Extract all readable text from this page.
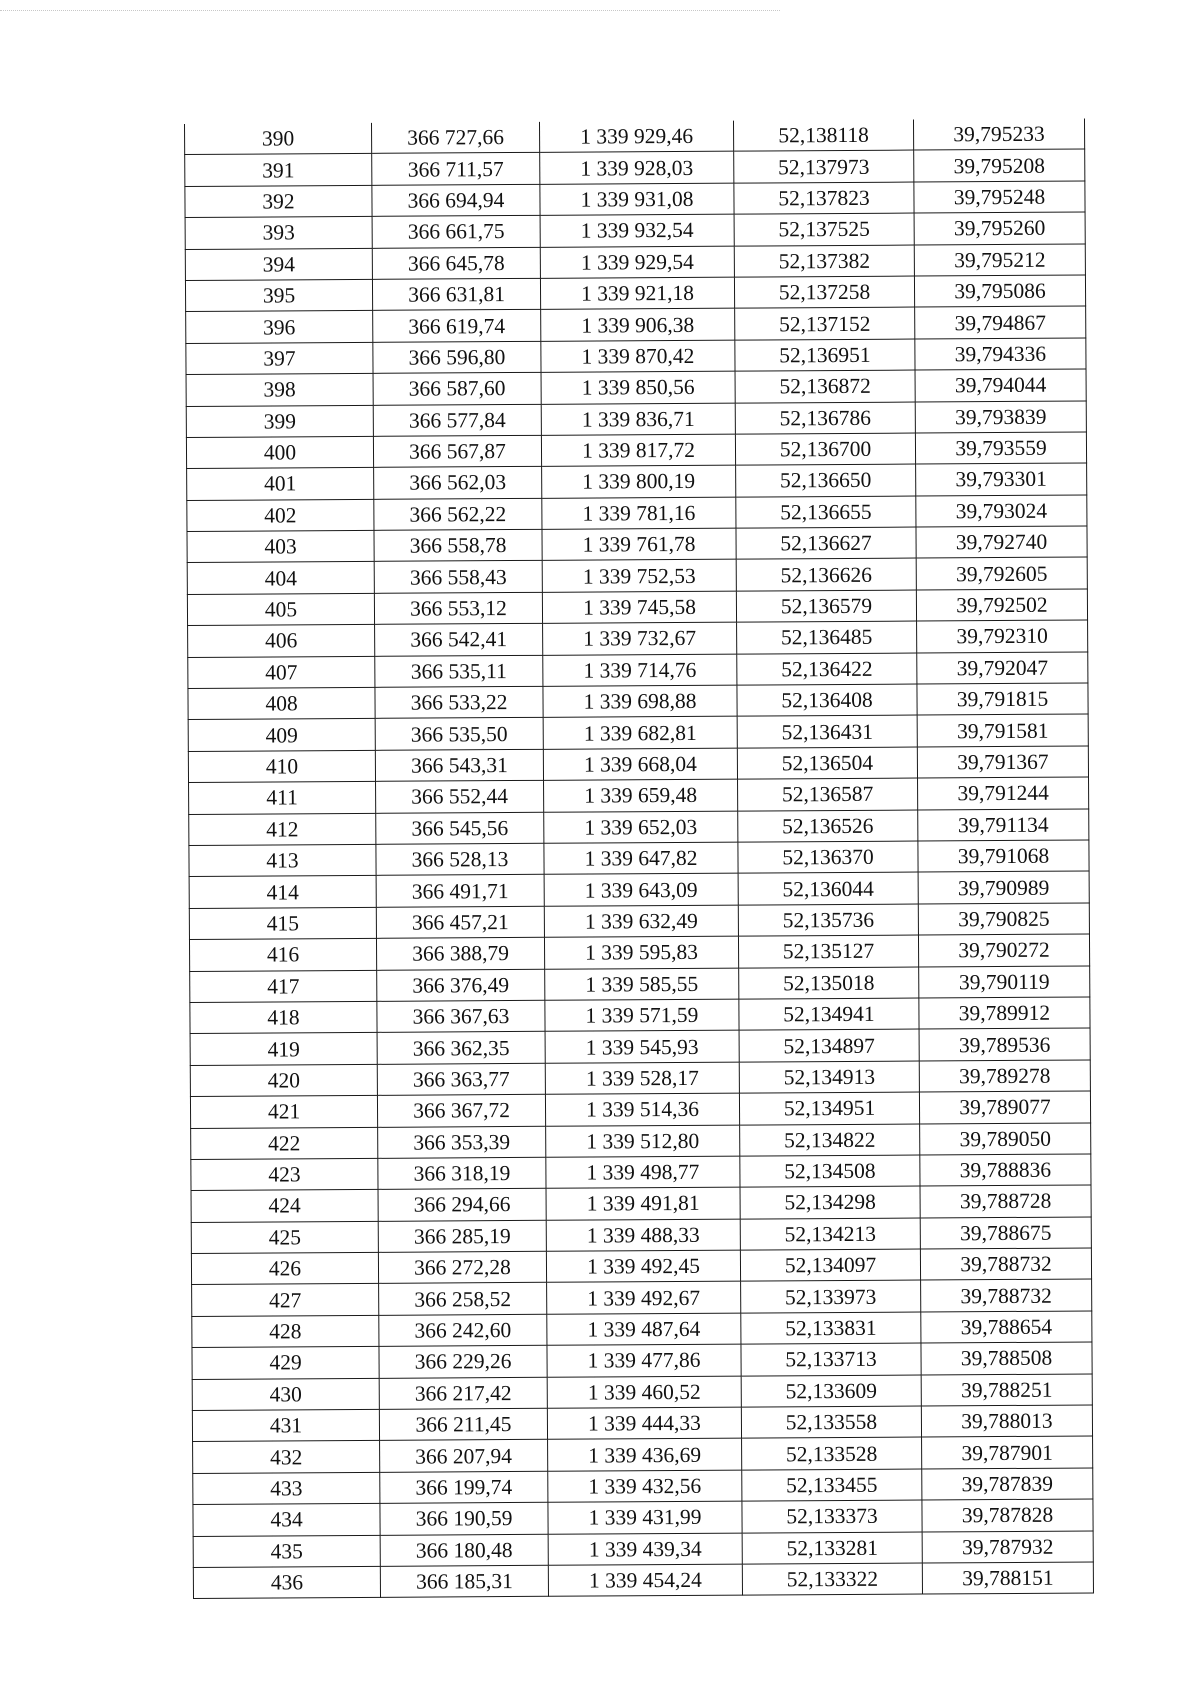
390	366 727,66	1 339 929,46	52,138118	39,795233
391	366 711,57	1 339 928,03	52,137973	39,795208
392	366 694,94	1 339 931,08	52,137823	39,795248
393	366 661,75	1 339 932,54	52,137525	39,795260
394	366 645,78	1 339 929,54	52,137382	39,795212
395	366 631,81	1 339 921,18	52,137258	39,795086
396	366 619,74	1 339 906,38	52,137152	39,794867
397	366 596,80	1 339 870,42	52,136951	39,794336
398	366 587,60	1 339 850,56	52,136872	39,794044
399	366 577,84	1 339 836,71	52,136786	39,793839
400	366 567,87	1 339 817,72	52,136700	39,793559
401	366 562,03	1 339 800,19	52,136650	39,793301
402	366 562,22	1 339 781,16	52,136655	39,793024
403	366 558,78	1 339 761,78	52,136627	39,792740
404	366 558,43	1 339 752,53	52,136626	39,792605
405	366 553,12	1 339 745,58	52,136579	39,792502
406	366 542,41	1 339 732,67	52,136485	39,792310
407	366 535,11	1 339 714,76	52,136422	39,792047
408	366 533,22	1 339 698,88	52,136408	39,791815
409	366 535,50	1 339 682,81	52,136431	39,791581
410	366 543,31	1 339 668,04	52,136504	39,791367
411	366 552,44	1 339 659,48	52,136587	39,791244
412	366 545,56	1 339 652,03	52,136526	39,791134
413	366 528,13	1 339 647,82	52,136370	39,791068
414	366 491,71	1 339 643,09	52,136044	39,790989
415	366 457,21	1 339 632,49	52,135736	39,790825
416	366 388,79	1 339 595,83	52,135127	39,790272
417	366 376,49	1 339 585,55	52,135018	39,790119
418	366 367,63	1 339 571,59	52,134941	39,789912
419	366 362,35	1 339 545,93	52,134897	39,789536
420	366 363,77	1 339 528,17	52,134913	39,789278
421	366 367,72	1 339 514,36	52,134951	39,789077
422	366 353,39	1 339 512,80	52,134822	39,789050
423	366 318,19	1 339 498,77	52,134508	39,788836
424	366 294,66	1 339 491,81	52,134298	39,788728
425	366 285,19	1 339 488,33	52,134213	39,788675
426	366 272,28	1 339 492,45	52,134097	39,788732
427	366 258,52	1 339 492,67	52,133973	39,788732
428	366 242,60	1 339 487,64	52,133831	39,788654
429	366 229,26	1 339 477,86	52,133713	39,788508
430	366 217,42	1 339 460,52	52,133609	39,788251
431	366 211,45	1 339 444,33	52,133558	39,788013
432	366 207,94	1 339 436,69	52,133528	39,787901
433	366 199,74	1 339 432,56	52,133455	39,787839
434	366 190,59	1 339 431,99	52,133373	39,787828
435	366 180,48	1 339 439,34	52,133281	39,787932
436	366 185,31	1 339 454,24	52,133322	39,788151
